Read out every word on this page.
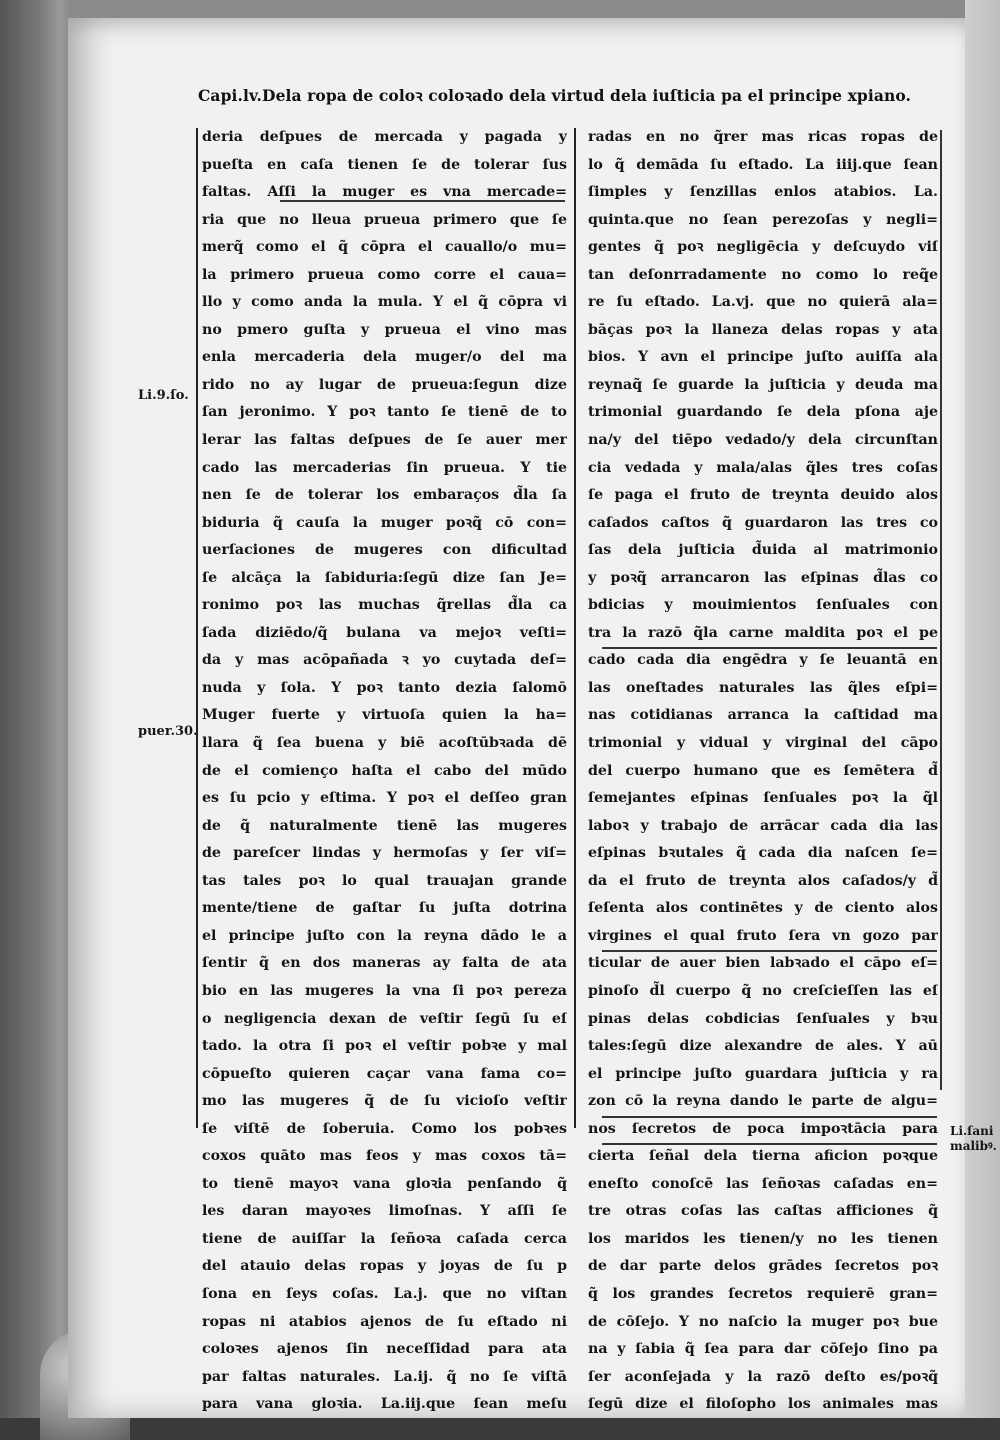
Capi.lv.Dela ropa de coloꝛ coloꝛado dela virtud dela iuſticia pa el principe xpiano.
Li.9.ſo.
puer.30.
Li.ſani
malibꝰ.
deria deſpues de mercada y pagada y
pueſta en caſa tienen ſe de tolerar ſus
faltas. Aſſi la muger es vna mercade=
ria que no lleua prueua primero que ſe
merq̃ como el q̃ cōpra el cauallo/o mu=
la primero prueua como corre el caua=
llo y como anda la mula. Y el q̃ cōpra vi
no pmero guſta y prueua el vino mas
enla mercaderia dela muger/o del ma
rido no ay lugar de prueua:ſegun dize
ſan jeronimo. Y poꝛ tanto ſe tienē de to
lerar las faltas deſpues de ſe auer mer
cado las mercaderias ſin prueua. Y tie
nen ſe de tolerar los embaraços d̃la ſa
biduria q̃ cauſa la muger poꝛq̃ cō con=
uerſaciones de mugeres con dificultad
ſe alcāça la ſabiduria:ſegū dize ſan Je=
ronimo poꝛ las muchas q̃rellas d̃la ca
ſada diziēdo/q̃ bulana va mejoꝛ veſti=
da y mas acōpañada ꝛ yo cuytada deſ=
nuda y ſola. Y poꝛ tanto dezia ſalomō
Muger fuerte y virtuoſa quien la ha=
llara q̃ ſea buena y biē acoſtūbꝛada dē
de el comienço haſta el cabo del mūdo
es ſu pcio y eſtima. Y poꝛ el deſſeo gran
de q̃ naturalmente tienē las mugeres
de pareſcer lindas y hermoſas y ſer viſ=
tas tales poꝛ lo qual trauajan grande
mente/tiene de gaſtar ſu juſta dotrina
el principe juſto con la reyna dādo le a
ſentir q̃ en dos maneras ay falta de ata
bio en las mugeres la vna ſi poꝛ pereza
o negligencia dexan de veſtir ſegū ſu eſ
tado. la otra ſi poꝛ el veſtir pobꝛe y mal
cōpueſto quieren caçar vana fama co=
mo las mugeres q̃ de ſu vicioſo veſtir
ſe viſtē de ſoberuia. Como los pobꝛes
coxos quāto mas feos y mas coxos tā=
to tienē mayoꝛ vana gloꝛia penſando q̃
les daran mayoꝛes limoſnas. Y aſſi ſe
tiene de auiſſar la ſeñoꝛa caſada cerca
del atauio delas ropas y joyas de ſu p
ſona en ſeys coſas. La.j. que no viſtan
ropas ni atabios ajenos de ſu eſtado ni
coloꝛes ajenos ſin neceſſidad para ata
par faltas naturales. La.ij. q̃ no ſe viſtā
para vana gloꝛia. La.iij.que ſean meſu
radas en no q̃rer mas ricas ropas de
lo q̃ demāda ſu eſtado. La iiij.que ſean
ſimples y ſenzillas enlos atabios. La.
quinta.que no ſean perezoſas y negli=
gentes q̃ poꝛ negligēcia y deſcuydo viſ
tan deſonrradamente no como lo req̃e
re ſu eſtado. La.vj. que no quierā ala=
bāças poꝛ la llaneza delas ropas y ata
bios. Y avn el principe juſto auiſſa ala
reynaq̃ ſe guarde la juſticia y deuda ma
trimonial guardando ſe dela pſona aje
na/y del tiēpo vedado/y dela circunſtan
cia vedada y mala/alas q̃les tres coſas
ſe paga el fruto de treynta deuido alos
caſados caſtos q̃ guardaron las tres co
ſas dela juſticia d̃uida al matrimonio
y poꝛq̃ arrancaron las eſpinas d̃las co
bdicias y mouimientos ſenſuales con
tra la razō q̃la carne maldita poꝛ el pe
cado cada dia engēdra y ſe leuantā en
las oneſtades naturales las q̃les eſpi=
nas cotidianas arranca la caſtidad ma
trimonial y vidual y virginal del cāpo
del cuerpo humano que es ſemētera d̃
ſemejantes eſpinas ſenſuales poꝛ la q̃l
laboꝛ y trabajo de arrācar cada dia las
eſpinas bꝛutales q̃ cada dia naſcen ſe=
da el fruto de treynta alos caſados/y d̃
ſeſenta alos continētes y de ciento alos
virgines el qual fruto ſera vn gozo par
ticular de auer bien labꝛado el cāpo eſ=
pinoſo d̃l cuerpo q̃ no creſcieſſen las eſ
pinas delas cobdicias ſenſuales y bꝛu
tales:ſegū dize alexandre de ales. Y aū
el principe juſto guardara juſticia y ra
zon cō la reyna dando le parte de algu=
nos ſecretos de poca impoꝛtācia para
cierta ſeñal dela tierna aficion poꝛque
eneſto conoſcē las ſeñoꝛas caſadas en=
tre otras coſas las caſtas afficiones q̃
los maridos les tienen/y no les tienen
de dar parte delos grādes ſecretos poꝛ
q̃ los grandes ſecretos requierē gran=
de cōſejo. Y no naſcio la muger poꝛ bue
na y ſabia q̃ ſea para dar cōſejo ſino pa
ſer aconſejada y la razō deſto es/poꝛq̃
ſegū dize el filoſopho los animales mas
